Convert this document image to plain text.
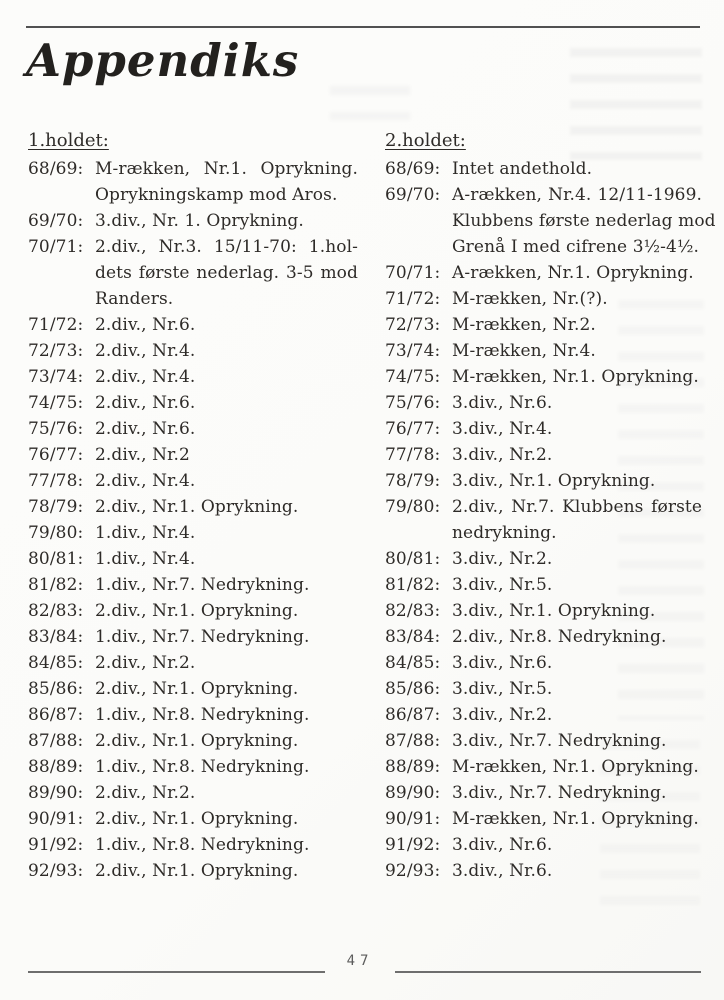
Appendiks
1.holdet:
68/69: M-rækken, Nr.1. Oprykning.
Oprykningskamp mod Aros.
69/70: 3.div., Nr. 1. Oprykning.
70/71: 2.div., Nr.3. 15/11-70: 1.hol-
dets første nederlag. 3-5 mod
Randers.
71/72: 2.div., Nr.6.
72/73: 2.div., Nr.4.
73/74: 2.div., Nr.4.
74/75: 2.div., Nr.6.
75/76: 2.div., Nr.6.
76/77: 2.div., Nr.2
77/78: 2.div., Nr.4.
78/79: 2.div., Nr.1. Oprykning.
79/80: 1.div., Nr.4.
80/81: 1.div., Nr.4.
81/82: 1.div., Nr.7. Nedrykning.
82/83: 2.div., Nr.1. Oprykning.
83/84: 1.div., Nr.7. Nedrykning.
84/85: 2.div., Nr.2.
85/86: 2.div., Nr.1. Oprykning.
86/87: 1.div., Nr.8. Nedrykning.
87/88: 2.div., Nr.1. Oprykning.
88/89: 1.div., Nr.8. Nedrykning.
89/90: 2.div., Nr.2.
90/91: 2.div., Nr.1. Oprykning.
91/92: 1.div., Nr.8. Nedrykning.
92/93: 2.div., Nr.1. Oprykning.
2.holdet:
68/69: Intet andethold.
69/70: A-rækken, Nr.4. 12/11-1969.
Klubbens første nederlag mod
Grenå I med cifrene 3½-4½.
70/71: A-rækken, Nr.1. Oprykning.
71/72: M-rækken, Nr.(?).
72/73: M-rækken, Nr.2.
73/74: M-rækken, Nr.4.
74/75: M-rækken, Nr.1. Oprykning.
75/76: 3.div., Nr.6.
76/77: 3.div., Nr.4.
77/78: 3.div., Nr.2.
78/79: 3.div., Nr.1. Oprykning.
79/80: 2.div., Nr.7. Klubbens første
nedrykning.
80/81: 3.div., Nr.2.
81/82: 3.div., Nr.5.
82/83: 3.div., Nr.1. Oprykning.
83/84: 2.div., Nr.8. Nedrykning.
84/85: 3.div., Nr.6.
85/86: 3.div., Nr.5.
86/87: 3.div., Nr.2.
87/88: 3.div., Nr.7. Nedrykning.
88/89: M-rækken, Nr.1. Oprykning.
89/90: 3.div., Nr.7. Nedrykning.
90/91: M-rækken, Nr.1. Oprykning.
91/92: 3.div., Nr.6.
92/93: 3.div., Nr.6.
47
